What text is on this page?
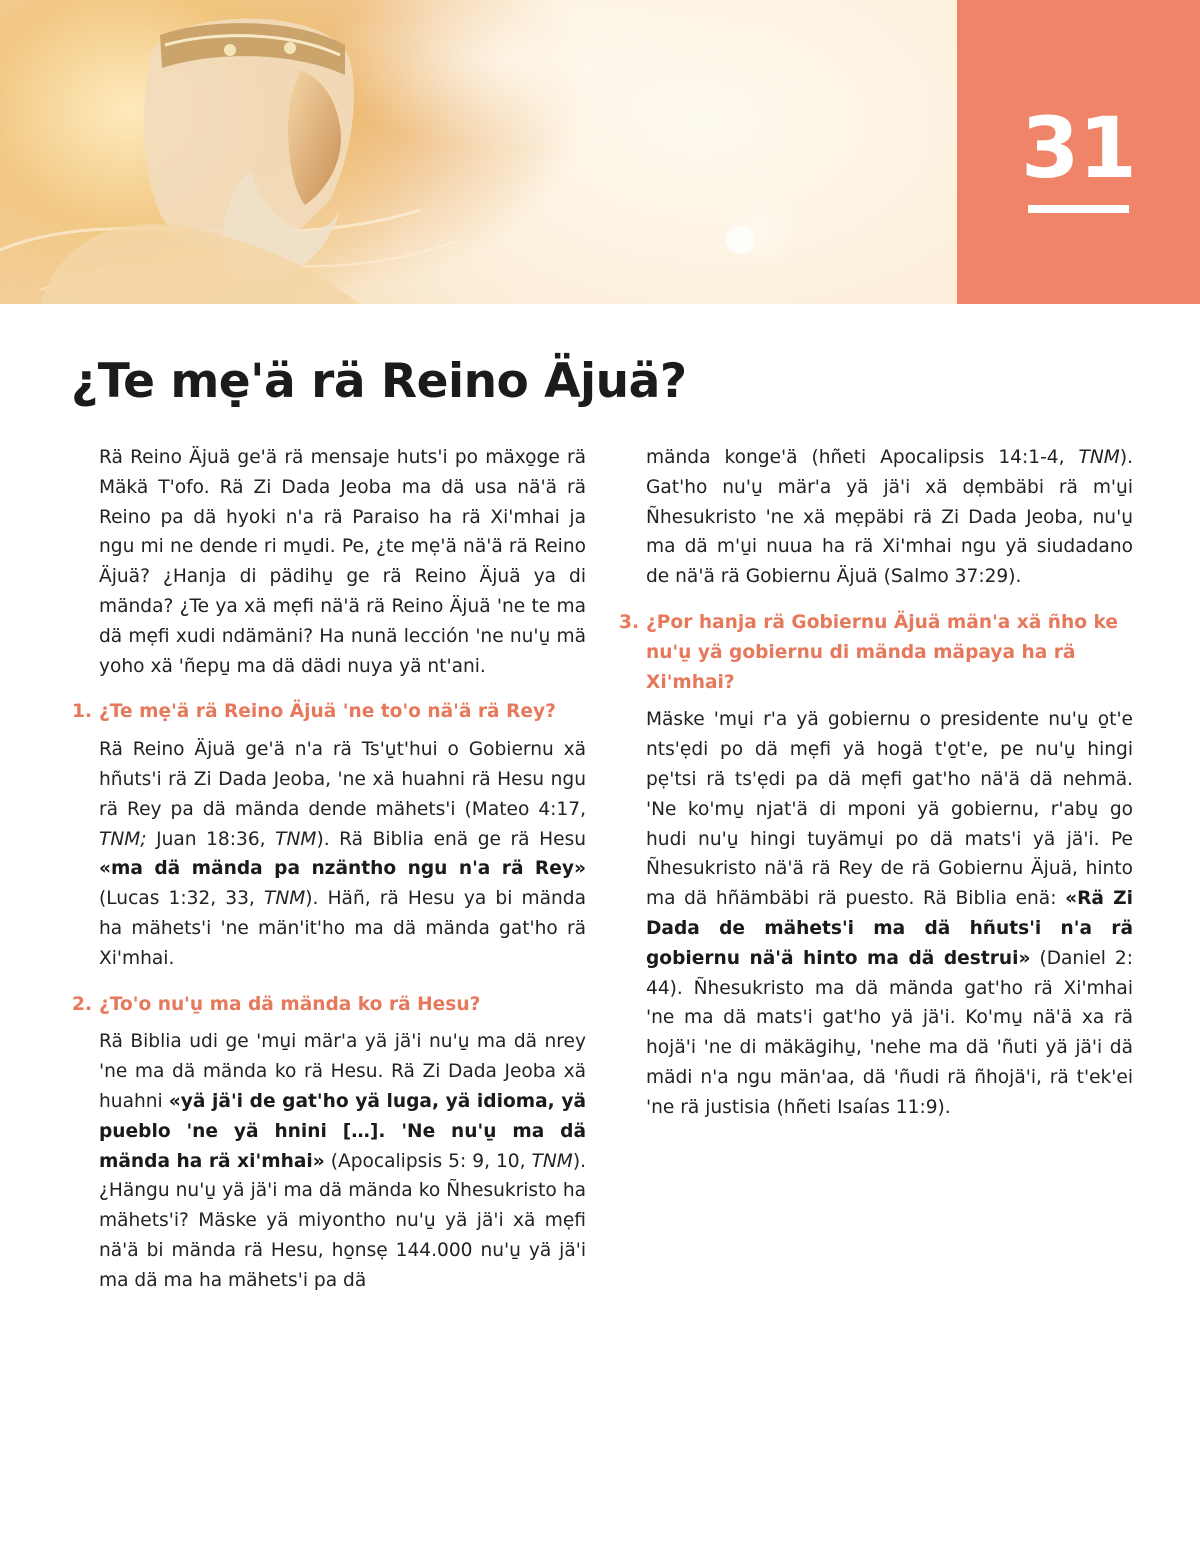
31
¿Te mẹ'ä rä Reino Äjuä?

Rä Reino Äjuä ge'ä rä mensaje huts'i po mäxo̱ge rä Mäkä T'ofo. Rä Zi Dada Jeoba ma dä usa nä'ä rä Reino pa dä hyoki n'a rä Paraiso ha rä Xi'mhai ja ngu mi ne dende ri mu̱di. Pe, ¿te mẹ'ä nä'ä rä Reino Äjuä? ¿Hanja di pädihu̱ ge rä Reino Äjuä ya di mända? ¿Te ya xä mẹfi nä'ä rä Reino Äjuä 'ne te ma dä mẹfi xudi ndämäni? Ha nunä lección 'ne nu'u̱ mä yoho xä 'ñepu̱ ma dä dädi nuya yä nt'ani.

1. ¿Te mẹ'ä rä Reino Äjuä 'ne to'o nä'ä rä Rey?

Rä Reino Äjuä ge'ä n'a rä Ts'u̱t'hui o Gobiernu xä hñuts'i rä Zi Dada Jeoba, 'ne xä huahni rä Hesu ngu rä Rey pa dä mända dende mähets'i (Mateo 4:17, TNM; Juan 18:36, TNM). Rä Biblia enä ge rä Hesu «ma dä mända pa nzäntho ngu n'a rä Rey» (Lucas 1:32, 33, TNM). Häñ, rä Hesu ya bi mända ha mähets'i 'ne män'it'ho ma dä mända gat'ho rä Xi'mhai.

2. ¿To'o nu'u̱ ma dä mända ko rä Hesu?

Rä Biblia udi ge 'mu̱i mär'a yä jä'i nu'u̱ ma dä nrey 'ne ma dä mända ko rä Hesu. Rä Zi Dada Jeoba xä huahni «yä jä'i de gat'ho yä luga, yä idioma, yä pueblo 'ne yä hnini […]. 'Ne nu'u̱ ma dä mända ha rä xi'mhai» (Apocalipsis 5: 9, 10, TNM). ¿Hängu nu'u̱ yä jä'i ma dä mända ko Ñhesukristo ha mähets'i? Mäske yä miyontho nu'u̱ yä jä'i xä mẹfi nä'ä bi mända rä Hesu, ho̱nsẹ 144.000 nu'u̱ yä jä'i ma dä ma ha mähets'i pa dä

mända konge'ä (hñeti Apocalipsis 14:1-4, TNM). Gat'ho nu'u̱ mär'a yä jä'i xä dẹmbäbi rä m'u̱i Ñhesukristo 'ne xä mẹpäbi rä Zi Dada Jeoba, nu'u̱ ma dä m'u̱i nuua ha rä Xi'mhai ngu yä siudadano de nä'ä rä Gobiernu Äjuä (Salmo 37:29).

3. ¿Por hanja rä Gobiernu Äjuä män'a xä ñho ke nu'u̱ yä gobiernu di mända mäpaya ha rä Xi'mhai?

Mäske 'mu̱i r'a yä gobiernu o presidente nu'u̱ o̱t'e nts'ẹdi po dä mẹfi yä hogä t'o̱t'e, pe nu'u̱ hingi pẹ'tsi rä ts'ẹdi pa dä mẹfi gat'ho nä'ä dä nehmä. 'Ne ko'mu̱ njat'ä di mponi yä gobiernu, r'abu̱ go hudi nu'u̱ hingi tuyämu̱i po dä mats'i yä jä'i. Pe Ñhesukristo nä'ä rä Rey de rä Gobiernu Äjuä, hinto ma dä hñämbäbi rä puesto. Rä Biblia enä: «Rä Zi Dada de mähets'i ma dä hñuts'i n'a rä gobiernu nä'ä hinto ma dä destrui» (Daniel 2: 44). Ñhesukristo ma dä mända gat'ho rä Xi'mhai 'ne ma dä mats'i gat'ho yä jä'i. Ko'mu̱ nä'ä xa rä hojä'i 'ne di mäkägihu̱, 'nehe ma dä 'ñuti yä jä'i dä mädi n'a ngu män'aa, dä 'ñudi rä ñhojä'i, rä t'ek'ei 'ne rä justisia (hñeti Isaías 11:9).
